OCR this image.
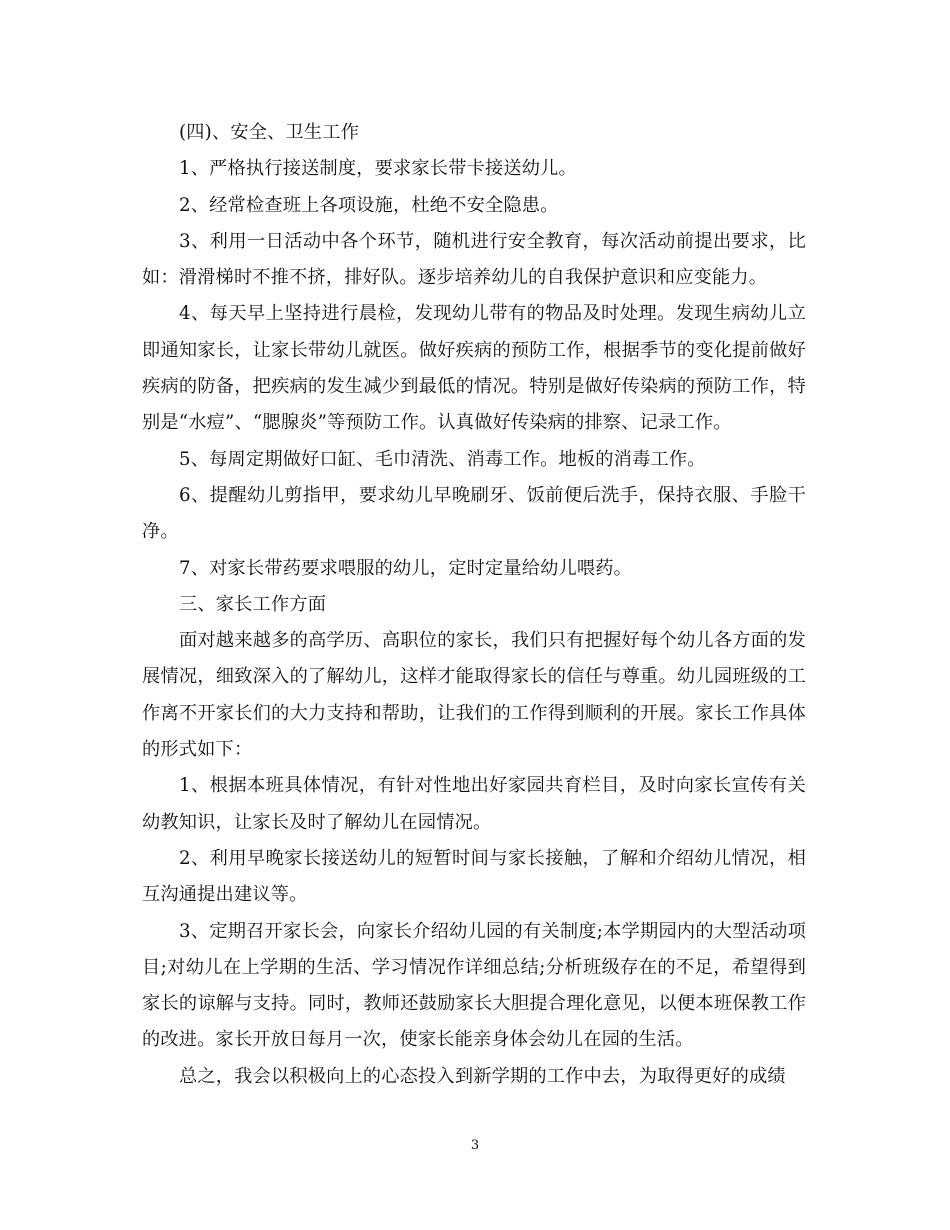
(四)、安全、卫生工作

1、严格执行接送制度，要求家长带卡接送幼儿。

2、经常检查班上各项设施，杜绝不安全隐患。

3、利用一日活动中各个环节，随机进行安全教育，每次活动前提出要求，比如：滑滑梯时不推不挤，排好队。逐步培养幼儿的自我保护意识和应变能力。

4、每天早上坚持进行晨检，发现幼儿带有的物品及时处理。发现生病幼儿立即通知家长，让家长带幼儿就医。做好疾病的预防工作，根据季节的变化提前做好疾病的防备，把疾病的发生减少到最低的情况。特别是做好传染病的预防工作，特别是“水痘”、“腮腺炎”等预防工作。认真做好传染病的排察、记录工作。

5、每周定期做好口缸、毛巾清洗、消毒工作。地板的消毒工作。

6、提醒幼儿剪指甲，要求幼儿早晚刷牙、饭前便后洗手，保持衣服、手脸干净。

7、对家长带药要求喂服的幼儿，定时定量给幼儿喂药。

三、家长工作方面

面对越来越多的高学历、高职位的家长，我们只有把握好每个幼儿各方面的发展情况，细致深入的了解幼儿，这样才能取得家长的信任与尊重。幼儿园班级的工作离不开家长们的大力支持和帮助，让我们的工作得到顺利的开展。家长工作具体的形式如下：

1、根据本班具体情况，有针对性地出好家园共育栏目，及时向家长宣传有关幼教知识，让家长及时了解幼儿在园情况。

2、利用早晚家长接送幼儿的短暂时间与家长接触，了解和介绍幼儿情况，相互沟通提出建议等。

3、定期召开家长会，向家长介绍幼儿园的有关制度;本学期园内的大型活动项目;对幼儿在上学期的生活、学习情况作详细总结;分析班级存在的不足，希望得到家长的谅解与支持。同时，教师还鼓励家长大胆提合理化意见，以便本班保教工作的改进。家长开放日每月一次，使家长能亲身体会幼儿在园的生活。

总之，我会以积极向上的心态投入到新学期的工作中去，为取得更好的成绩

3
